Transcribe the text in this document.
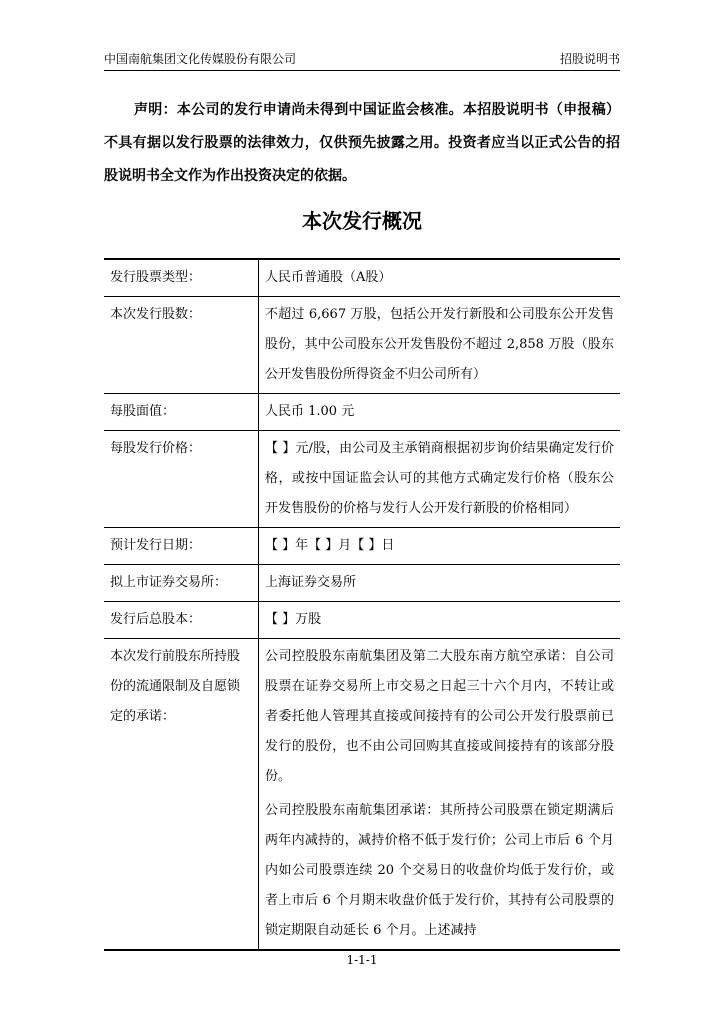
中国南航集团文化传媒股份有限公司	招股说明书
声明：本公司的发行申请尚未得到中国证监会核准。本招股说明书（申报稿）不具有据以发行股票的法律效力，仅供预先披露之用。投资者应当以正式公告的招股说明书全文作为作出投资决定的依据。
本次发行概况
发行股票类型：	人民币普通股（A股）
本次发行股数：	不超过 6,667 万股，包括公开发行新股和公司股东公开发售股份，其中公司股东公开发售股份不超过 2,858 万股（股东公开发售股份所得资金不归公司所有）
每股面值：	人民币 1.00 元
每股发行价格：	【 】元/股，由公司及主承销商根据初步询价结果确定发行价格，或按中国证监会认可的其他方式确定发行价格（股东公开发售股份的价格与发行人公开发行新股的价格相同）
预计发行日期：	【 】年【 】月【 】日
拟上市证券交易所：	上海证券交易所
发行后总股本：	【 】万股
本次发行前股东所持股份的流通限制及自愿锁定的承诺：	公司控股股东南航集团及第二大股东南方航空承诺：自公司股票在证券交易所上市交易之日起三十六个月内，不转让或者委托他人管理其直接或间接持有的公司公开发行股票前已发行的股份，也不由公司回购其直接或间接持有的该部分股份。

公司控股股东南航集团承诺：其所持公司股票在锁定期满后两年内减持的，减持价格不低于发行价；公司上市后 6 个月内如公司股票连续 20 个交易日的收盘价均低于发行价，或者上市后 6 个月期末收盘价低于发行价，其持有公司股票的锁定期限自动延长 6 个月。上述减持

1-1-1
